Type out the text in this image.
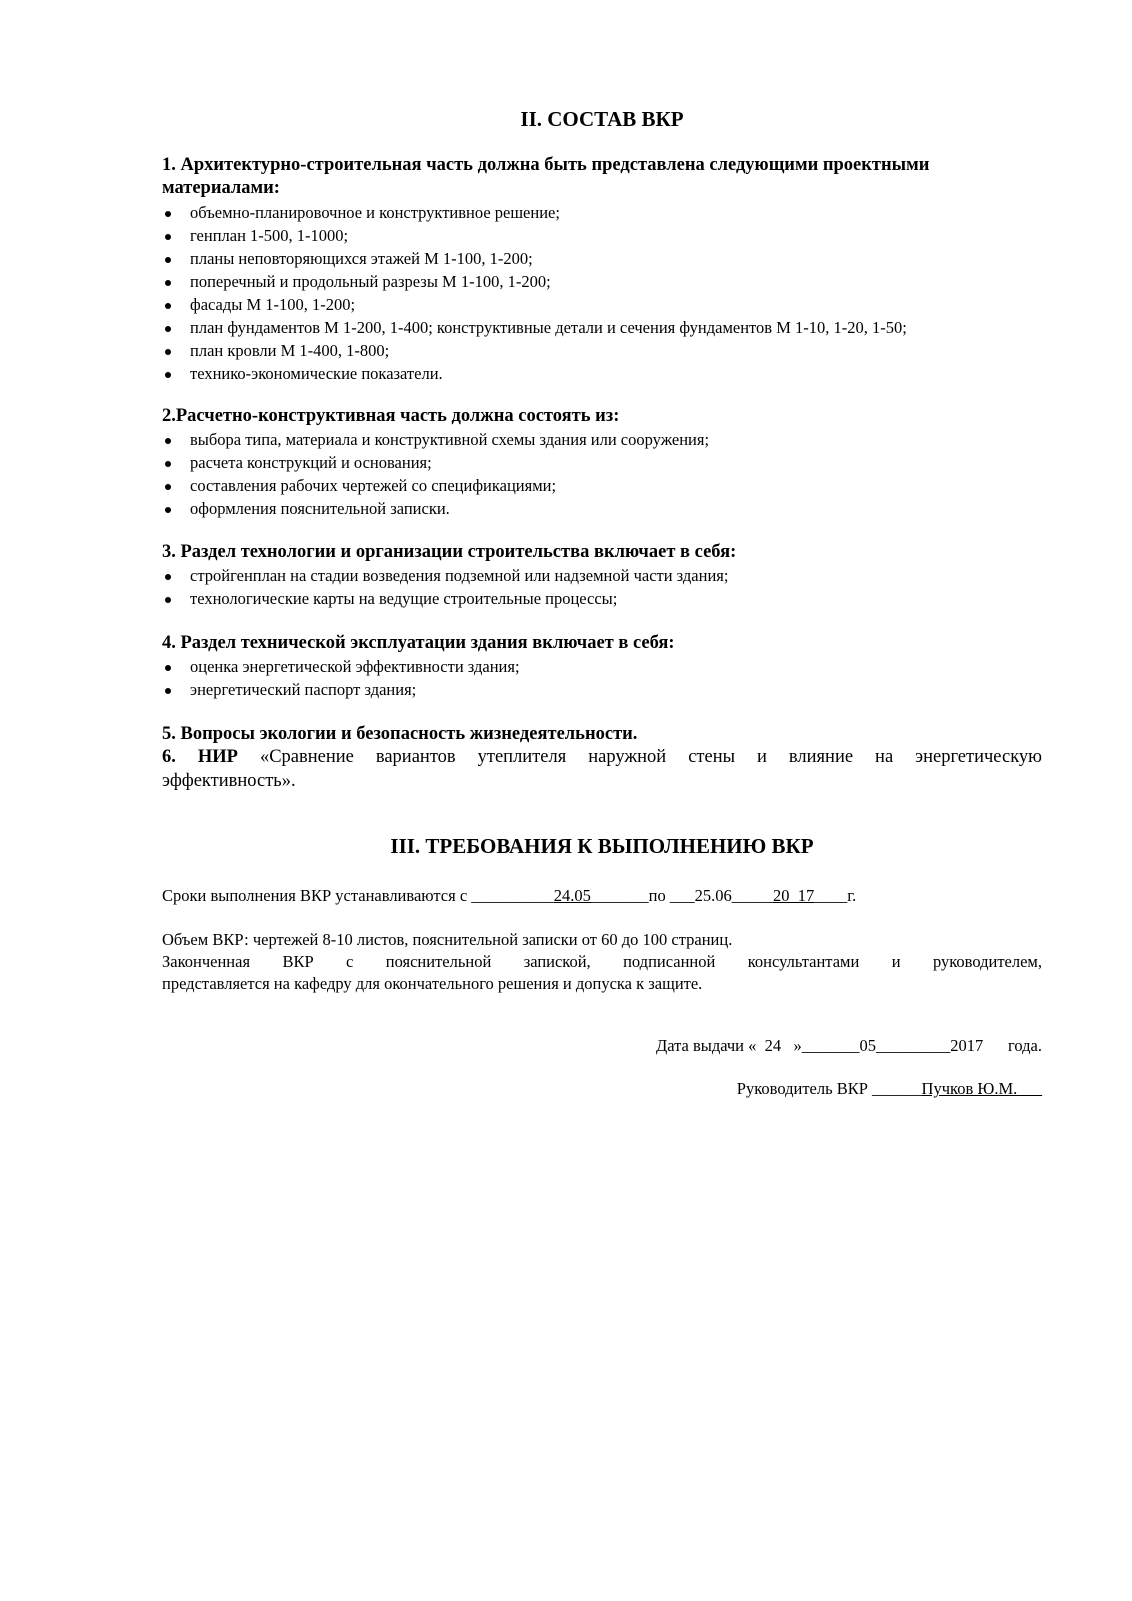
II. СОСТАВ ВКР
1. Архитектурно-строительная часть должна быть представлена следующими проектными
материалами:
объемно-планировочное и конструктивное решение;
генплан 1-500, 1-1000;
планы неповторяющихся этажей М 1-100, 1-200;
поперечный и продольный разрезы М 1-100, 1-200;
фасады М 1-100, 1-200;
план фундаментов М 1-200, 1-400; конструктивные детали и сечения фундаментов М 1-10, 1-20, 1-50;
план кровли М 1-400, 1-800;
технико-экономические показатели.
2.Расчетно-конструктивная часть должна состоять из:
выбора типа, материала и конструктивной схемы здания или сооружения;
расчета конструкций и основания;
составления рабочих чертежей со спецификациями;
оформления пояснительной записки.
3. Раздел технологии и организации строительства включает в себя:
стройгенплан на стадии возведения подземной или надземной части здания;
технологические карты на ведущие строительные процессы;
4. Раздел технической эксплуатации здания включает в себя:
оценка энергетической эффективности здания;
энергетический паспорт здания;
5. Вопросы экологии и безопасность жизнедеятельности.
6. НИР «Сравнение вариантов утеплителя наружной стены и влияние на энергетическую
эффективность».
III. ТРЕБОВАНИЯ К ВЫПОЛНЕНИЮ ВКР
Сроки выполнения ВКР устанавливаются с __________24.05_______по ___25.06_____20_17____г.
Объем ВКР: чертежей 8-10 листов, пояснительной записки от 60 до 100 страниц.
Законченная ВКР с пояснительной запиской, подписанной консультантами и руководителем,
представляется на кафедру для окончательного решения и допуска к защите.
Дата выдачи «  24   »_______05_________2017      года.
Руководитель ВКР ______Пучков Ю.М.___
